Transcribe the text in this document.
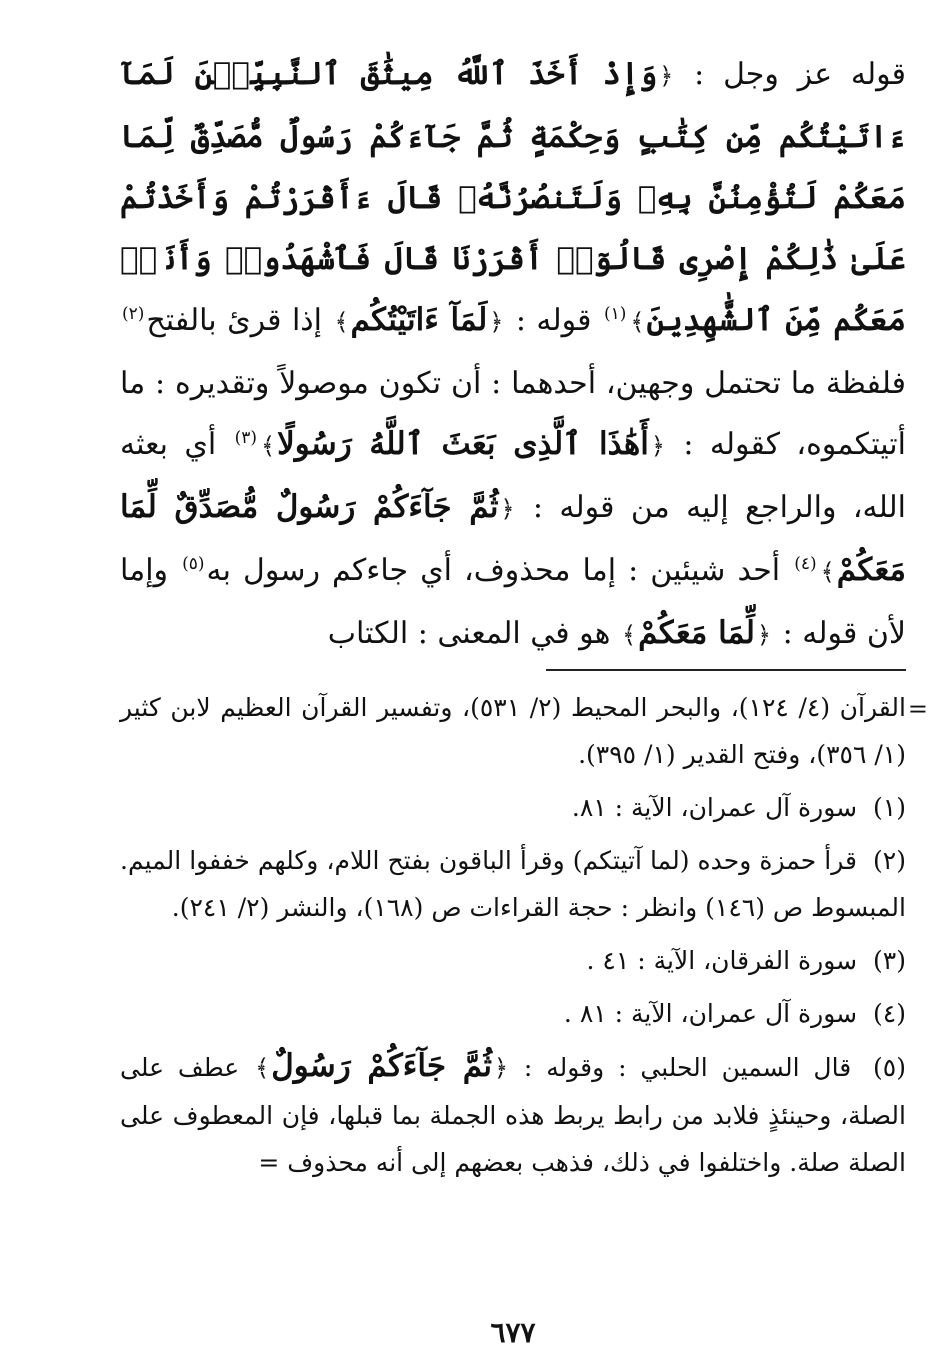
قوله عز وجل : ﴿وَإِذْ أَخَذَ ٱللَّهُ مِيثَٰقَ ٱلنَّبِيِّـۧنَ لَمَآ ءَاتَيْتُكُم مِّن كِتَٰبٍ وَحِكْمَةٍ ثُمَّ جَآءَكُمْ رَسُولٌ مُّصَدِّقٌ لِّمَا مَعَكُمْ لَتُؤْمِنُنَّ بِهِۦ وَلَتَنصُرُنَّهُۥ قَالَ ءَأَقْرَرْتُمْ وَأَخَذْتُمْ عَلَىٰ ذَٰلِكُمْ إِصْرِى قَالُوٓا۟ أَقْرَرْنَا قَالَ فَٱشْهَدُوا۟ وَأَنَا۠ مَعَكُم مِّنَ ٱلشَّٰهِدِينَ﴾$^{(١)}$ قوله : ﴿لَمَآ ءَاتَيْتُكُم﴾ إذا قرئ بالفتح$^{(٢)}$ فلفظة ما تحتمل وجهين، أحدهما : أن تكون موصولاً وتقديره : ما أتيتكموه، كقوله : ﴿أَهَٰذَا ٱلَّذِى بَعَثَ ٱللَّهُ رَسُولًا﴾$^{(٣)}$ أي بعثه الله، والراجع إليه من قوله : ﴿ثُمَّ جَآءَكُمْ رَسُولٌ مُّصَدِّقٌ لِّمَا مَعَكُمْ﴾$^{(٤)}$ أحد شيئين : إما محذوف، أي جاءكم رسول به$^{(٥)}$ وإما لأن قوله : ﴿لِّمَا مَعَكُمْ﴾ هو في المعنى : الكتاب

=
القرآن (٤/ ١٢٤)، والبحر المحيط (٢/ ٥٣١)، وتفسير القرآن العظيم لابن كثير (١/ ٣٥٦)، وفتح القدير (١/ ٣٩٥).

(١) سورة آل عمران، الآية : ٨١.

(٢) قرأ حمزة وحده (لما آتيتكم) وقرأ الباقون بفتح اللام، وكلهم خففوا الميم. المبسوط ص (١٤٦) وانظر : حجة القراءات ص (١٦٨)، والنشر (٢/ ٢٤١).

(٣) سورة الفرقان، الآية : ٤١ .

(٤) سورة آل عمران، الآية : ٨١ .

(٥) قال السمين الحلبي : وقوله : ﴿ثُمَّ جَآءَكُمْ رَسُولٌ﴾ عطف على الصلة، وحينئذٍ فلابد من رابط يربط هذه الجملة بما قبلها، فإن المعطوف على الصلة صلة. واختلفوا في ذلك، فذهب بعضهم إلى أنه محذوف =

٦٧٧
